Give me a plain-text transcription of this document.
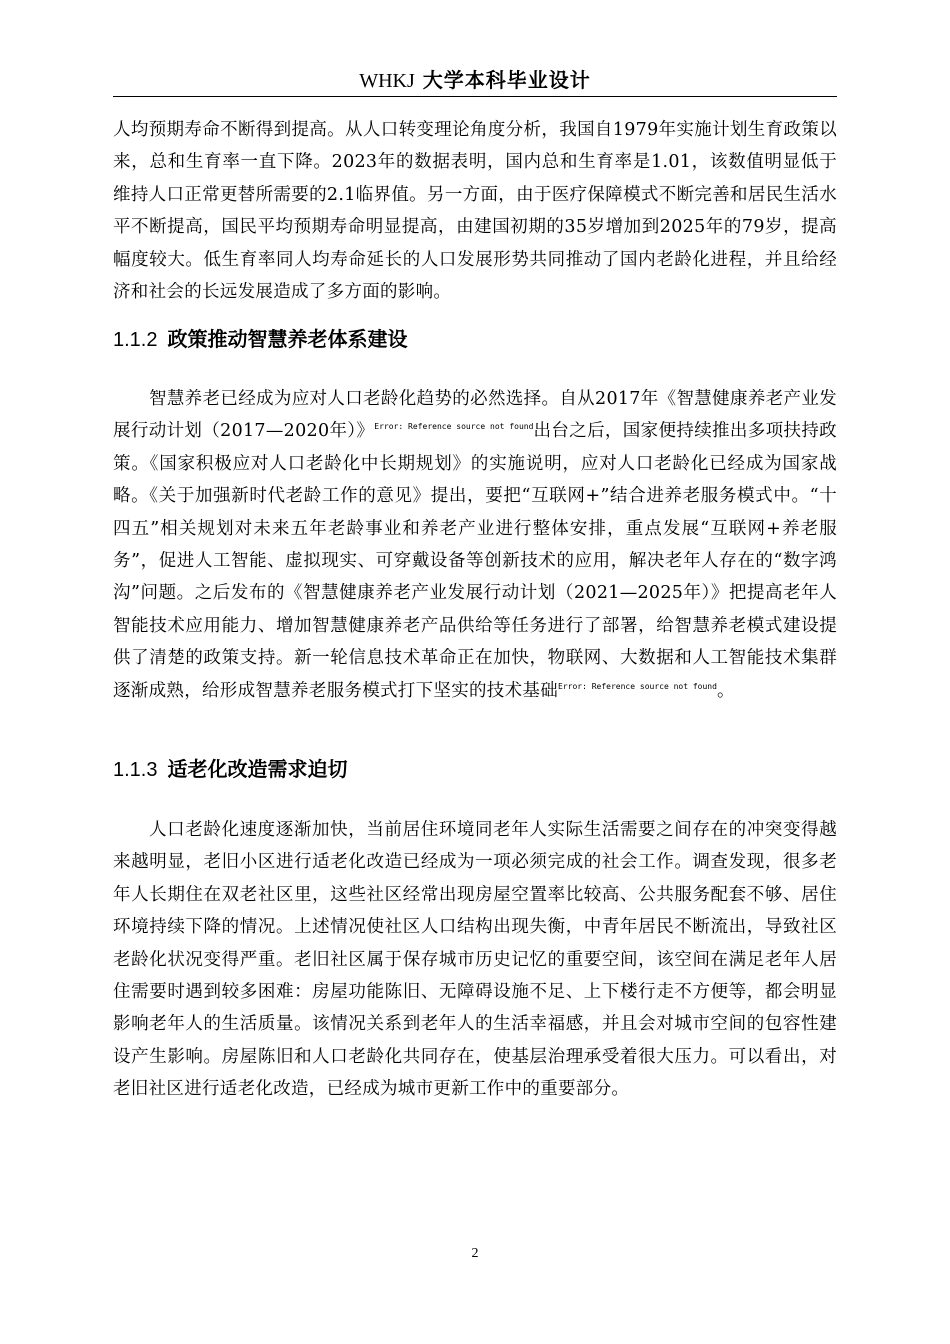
WHKJ 大学本科毕业设计

人均预期寿命不断得到提高。从人口转变理论角度分析，我国自1979年实施计划生育政策以来，总和生育率一直下降。2023年的数据表明，国内总和生育率是1.01，该数值明显低于维持人口正常更替所需要的2.1临界值。另一方面，由于医疗保障模式不断完善和居民生活水平不断提高，国民平均预期寿命明显提高，由建国初期的35岁增加到2025年的79岁，提高幅度较大。低生育率同人均寿命延长的人口发展形势共同推动了国内老龄化进程，并且给经济和社会的长远发展造成了多方面的影响。

1.1.2 政策推动智慧养老体系建设

智慧养老已经成为应对人口老龄化趋势的必然选择。自从2017年《智慧健康养老产业发展行动计划（2017—2020年）》$^{Error: Reference source not found}$出台之后，国家便持续推出多项扶持政策。《国家积极应对人口老龄化中长期规划》的实施说明，应对人口老龄化已经成为国家战略。《关于加强新时代老龄工作的意见》提出，要把“互联网+”结合进养老服务模式中。“十四五”相关规划对未来五年老龄事业和养老产业进行整体安排，重点发展“互联网+养老服务”，促进人工智能、虚拟现实、可穿戴设备等创新技术的应用，解决老年人存在的“数字鸿沟”问题。之后发布的《智慧健康养老产业发展行动计划（2021—2025年）》把提高老年人智能技术应用能力、增加智慧健康养老产品供给等任务进行了部署，给智慧养老模式建设提供了清楚的政策支持。新一轮信息技术革命正在加快，物联网、大数据和人工智能技术集群逐渐成熟，给形成智慧养老服务模式打下坚实的技术基础$^{Error: Reference source not found}$。

1.1.3 适老化改造需求迫切

人口老龄化速度逐渐加快，当前居住环境同老年人实际生活需要之间存在的冲突变得越来越明显，老旧小区进行适老化改造已经成为一项必须完成的社会工作。调查发现，很多老年人长期住在双老社区里，这些社区经常出现房屋空置率比较高、公共服务配套不够、居住环境持续下降的情况。上述情况使社区人口结构出现失衡，中青年居民不断流出，导致社区老龄化状况变得严重。老旧社区属于保存城市历史记忆的重要空间，该空间在满足老年人居住需要时遇到较多困难：房屋功能陈旧、无障碍设施不足、上下楼行走不方便等，都会明显影响老年人的生活质量。该情况关系到老年人的生活幸福感，并且会对城市空间的包容性建设产生影响。房屋陈旧和人口老龄化共同存在，使基层治理承受着很大压力。可以看出，对老旧社区进行适老化改造，已经成为城市更新工作中的重要部分。

2
